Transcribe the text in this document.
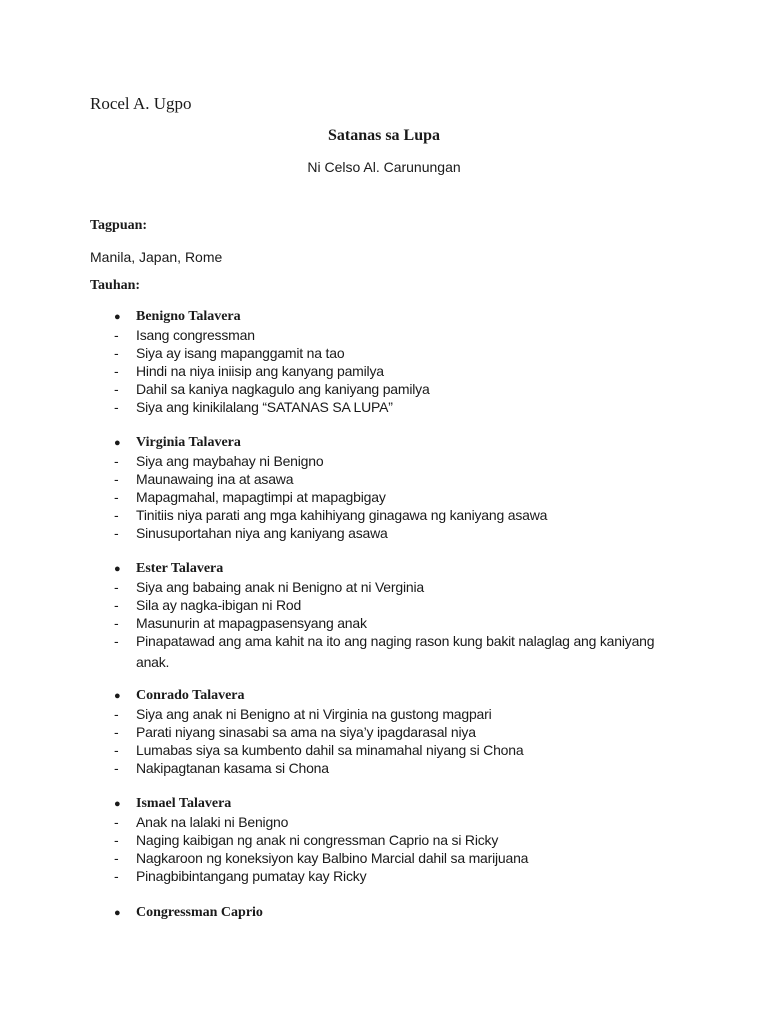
Rocel A. Ugpo
Satanas sa Lupa
Ni Celso Al. Carunungan
Tagpuan:
Manila, Japan, Rome
Tauhan:
● Benigno Talavera
- Isang congressman
- Siya ay isang mapanggamit na tao
- Hindi na niya iniisip ang kanyang pamilya
- Dahil sa kaniya nagkagulo ang kaniyang pamilya
- Siya ang kinikilalang “SATANAS SA LUPA”
● Virginia Talavera
- Siya ang maybahay ni Benigno
- Maunawaing ina at asawa
- Mapagmahal, mapagtimpi at mapagbigay
- Tinitiis niya parati ang mga kahihiyang ginagawa ng kaniyang asawa
- Sinusuportahan niya ang kaniyang asawa
● Ester Talavera
- Siya ang babaing anak ni Benigno at ni Verginia
- Sila ay nagka-ibigan ni Rod
- Masunurin at mapagpasensyang anak
-	Pinapatawad ang ama kahit na ito ang naging rason kung bakit nalaglag ang kaniyang anak.
● Conrado Talavera
- Siya ang anak ni Benigno at ni Virginia na gustong magpari
- Parati niyang sinasabi sa ama na siya’y ipagdarasal niya
- Lumabas siya sa kumbento dahil sa minamahal niyang si Chona
- Nakipagtanan kasama si Chona
● Ismael Talavera
- Anak na lalaki ni Benigno
- Naging kaibigan ng anak ni congressman Caprio na si Ricky
- Nagkaroon ng koneksiyon kay Balbino Marcial dahil sa marijuana
- Pinagbibintangang pumatay kay Ricky
● Congressman Caprio
